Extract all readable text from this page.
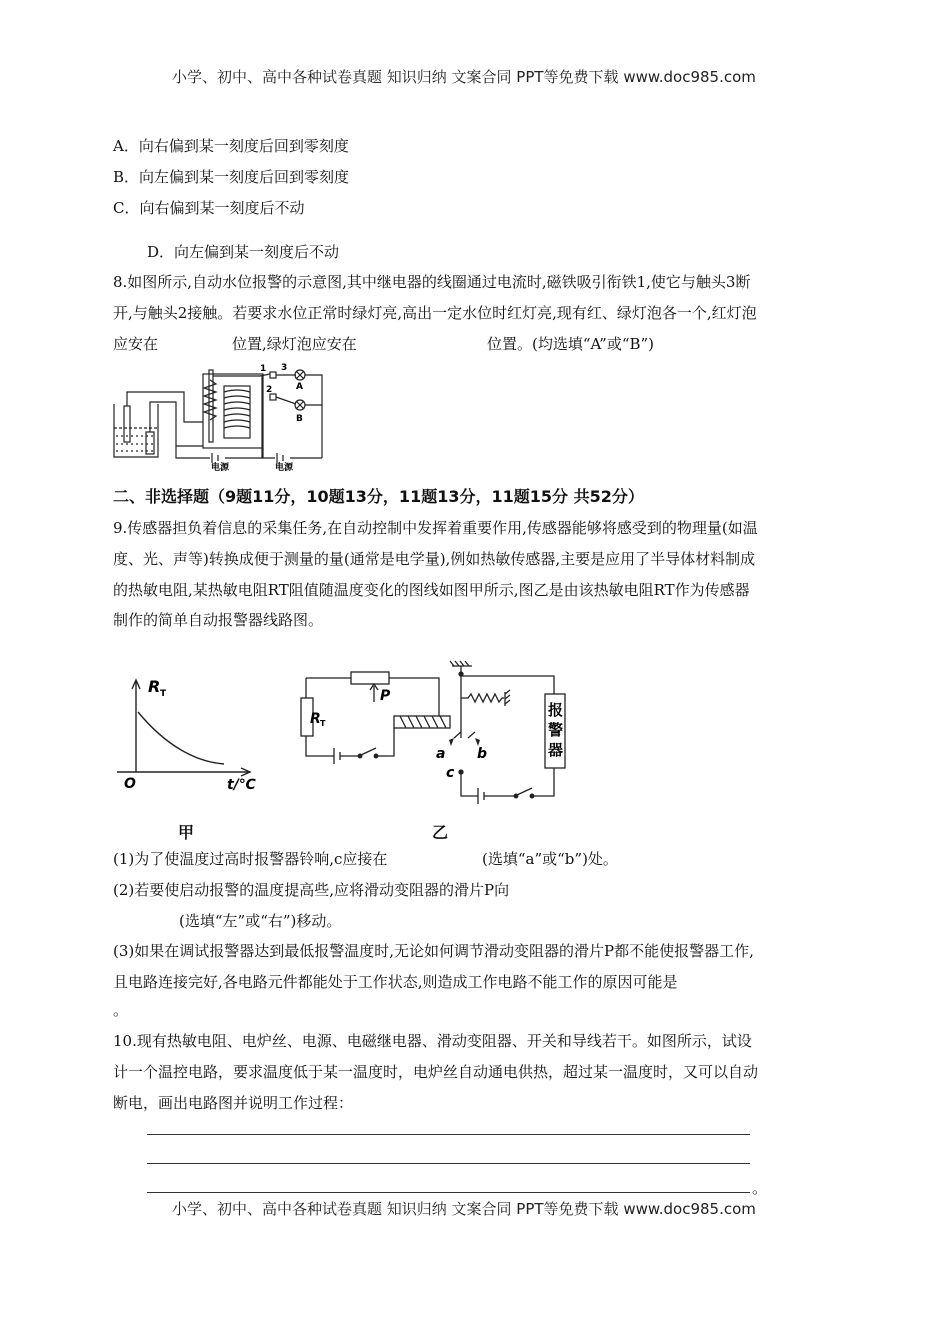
小学、初中、高中各种试卷真题 知识归纳 文案合同 PPT等免费下载 www.doc985.com
A．向右偏到某一刻度后回到零刻度
B．向左偏到某一刻度后回到零刻度
C．向右偏到某一刻度后不动
D．向左偏到某一刻度后不动
8.如图所示,自动水位报警的示意图,其中继电器的线圈通过电流时,磁铁吸引衔铁1,使它与触头3断
开,与触头2接触。若要求水位正常时绿灯亮,高出一定水位时红灯亮,现有红、绿灯泡各一个,红灯泡
应安在	位置,绿灯泡应安在	位置。(均选填“A”或“B”)
1 3
2	A
B
电源	电源
二、非选择题（9题11分，10题13分，11题13分，11题15分 共52分）
9.传感器担负着信息的采集任务,在自动控制中发挥着重要作用,传感器能够将感受到的物理量(如温
度、光、声等)转换成便于测量的量(通常是电学量),例如热敏传感器,主要是应用了半导体材料制成
的热敏电阻,某热敏电阻RT阻值随温度变化的图线如图甲所示,图乙是由该热敏电阻RT作为传感器
制作的简单自动报警器线路图。
R T
O	t/℃
甲
R T
P
a b
c
报
警
器
乙
(1)为了使温度过高时报警器铃响,c应接在	(选填“a”或“b”)处。
(2)若要使启动报警的温度提高些,应将滑动变阻器的滑片P向
(选填“左”或“右”)移动。
(3)如果在调试报警器达到最低报警温度时,无论如何调节滑动变阻器的滑片P都不能使报警器工作,
且电路连接完好,各电路元件都能处于工作状态,则造成工作电路不能工作的原因可能是
。
10.现有热敏电阻、电炉丝、电源、电磁继电器、滑动变阻器、开关和导线若干。如图所示，试设
计一个温控电路，要求温度低于某一温度时，电炉丝自动通电供热，超过某一温度时，又可以自动
断电，画出电路图并说明工作过程：
。
小学、初中、高中各种试卷真题 知识归纳 文案合同 PPT等免费下载 www.doc985.com
